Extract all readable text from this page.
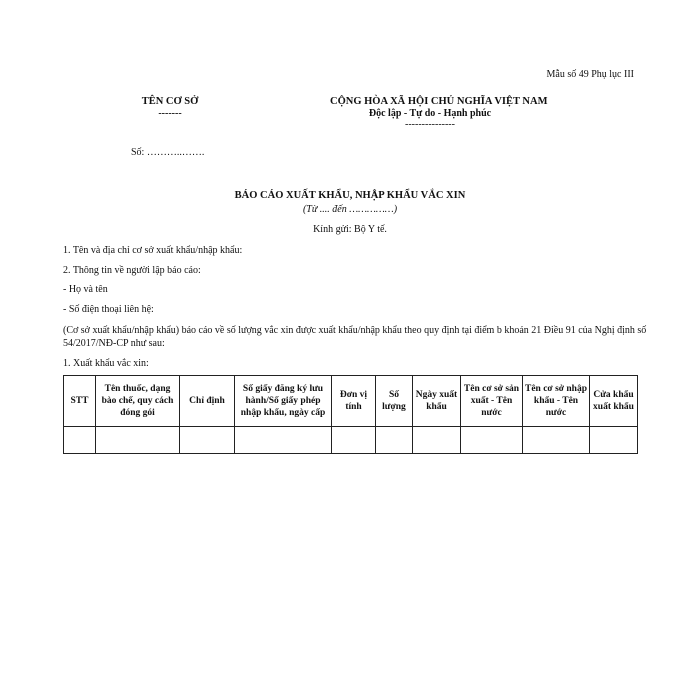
Mẫu số 49 Phụ lục III
TÊN CƠ SỞ
-------
CỘNG HÒA XÃ HỘI CHỦ NGHĨA VIỆT NAM
Độc lập - Tự do - Hạnh phúc
---------------
Số: ………..…….
BÁO CÁO XUẤT KHẨU, NHẬP KHẨU VẮC XIN
(Từ .... đến ……………)
Kính gửi: Bộ Y tế.
1. Tên và địa chỉ cơ sở xuất khẩu/nhập khẩu:
2. Thông tin về người lập báo cáo:
- Họ và tên
- Số điện thoại liên hệ:
(Cơ sở xuất khẩu/nhập khẩu) báo cáo về số lượng vắc xin được xuất khẩu/nhập khẩu theo quy định tại điểm b khoản 21 Điều 91 của Nghị định số 54/2017/NĐ-CP như sau:
1. Xuất khẩu vắc xin:
STT	Tên thuốc, dạng bào chế, quy cách đóng gói	Chỉ định	Số giấy đăng ký lưu hành/Số giấy phép nhập khẩu, ngày cấp	Đơn vị tính	Số lượng	Ngày xuất khẩu	Tên cơ sở sản xuất - Tên nước	Tên cơ sở nhập khẩu - Tên nước	Cửa khẩu xuất khẩu
